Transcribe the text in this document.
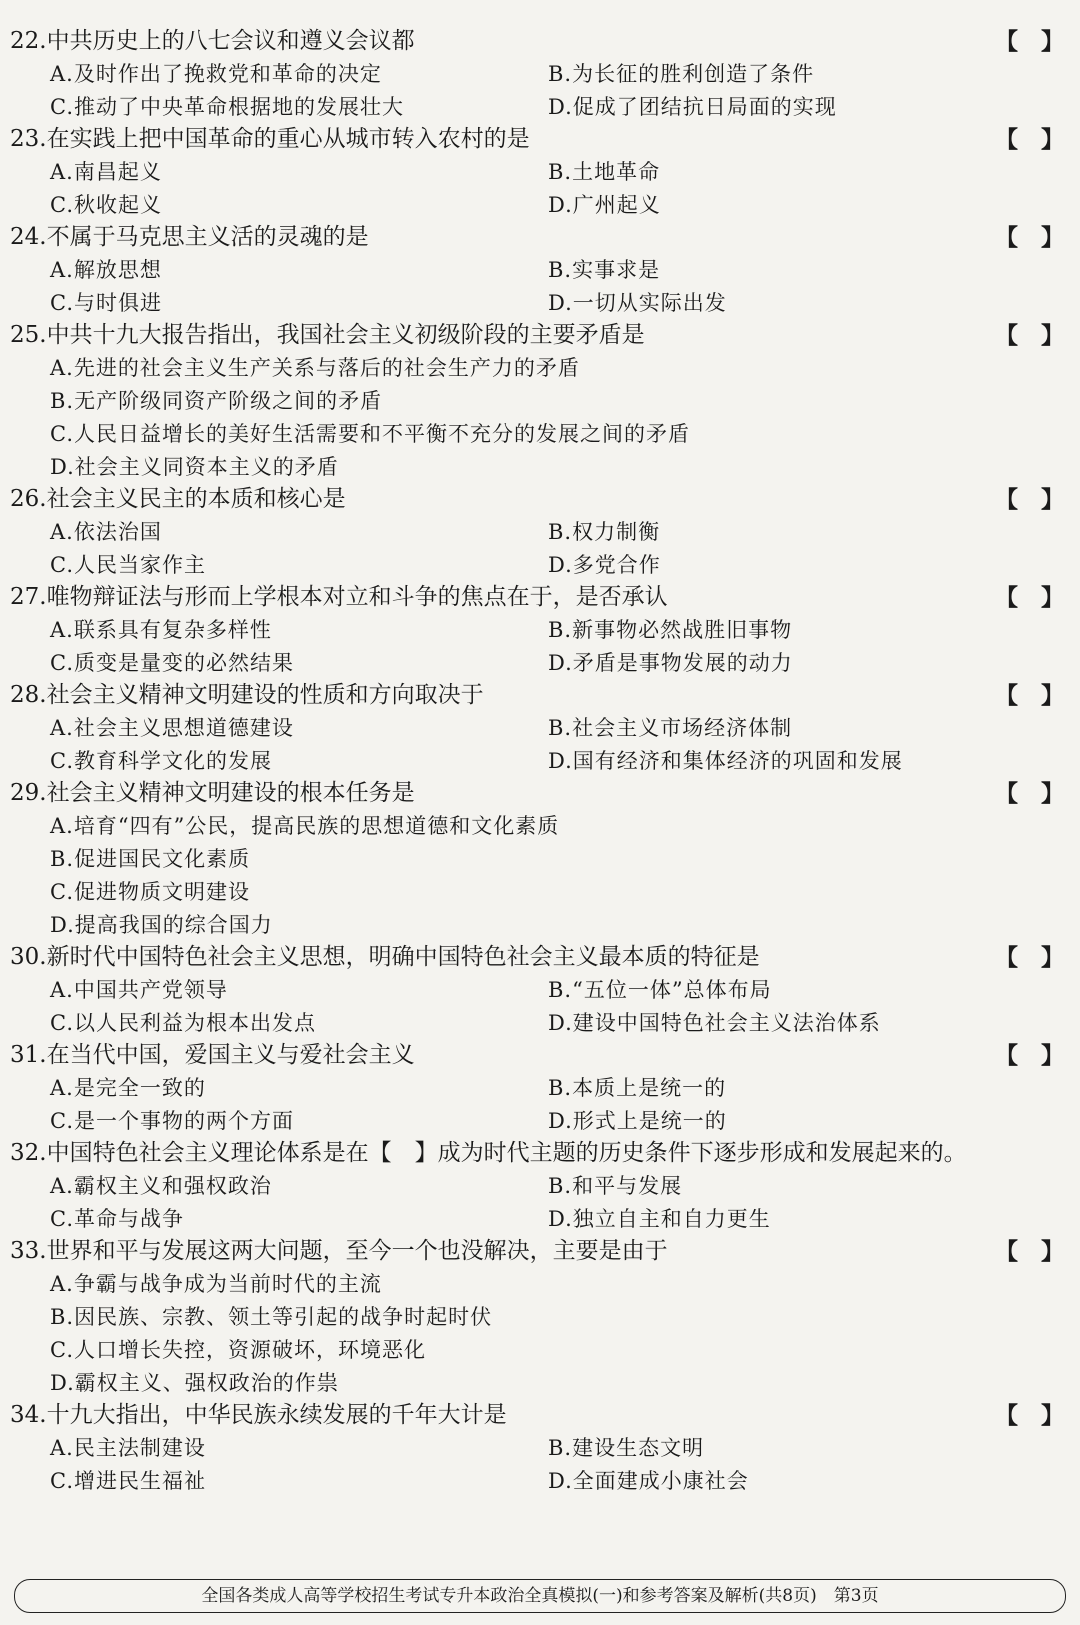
22.中共历史上的八七会议和遵义会议都	【　】
A.及时作出了挽救党和革命的决定	B.为长征的胜利创造了条件
C.推动了中央革命根据地的发展壮大	D.促成了团结抗日局面的实现
23.在实践上把中国革命的重心从城市转入农村的是	【　】
A.南昌起义	B.土地革命
C.秋收起义	D.广州起义
24.不属于马克思主义活的灵魂的是	【　】
A.解放思想	B.实事求是
C.与时俱进	D.一切从实际出发
25.中共十九大报告指出，我国社会主义初级阶段的主要矛盾是	【　】
A.先进的社会主义生产关系与落后的社会生产力的矛盾
B.无产阶级同资产阶级之间的矛盾
C.人民日益增长的美好生活需要和不平衡不充分的发展之间的矛盾
D.社会主义同资本主义的矛盾
26.社会主义民主的本质和核心是	【　】
A.依法治国	B.权力制衡
C.人民当家作主	D.多党合作
27.唯物辩证法与形而上学根本对立和斗争的焦点在于，是否承认	【　】
A.联系具有复杂多样性	B.新事物必然战胜旧事物
C.质变是量变的必然结果	D.矛盾是事物发展的动力
28.社会主义精神文明建设的性质和方向取决于	【　】
A.社会主义思想道德建设	B.社会主义市场经济体制
C.教育科学文化的发展	D.国有经济和集体经济的巩固和发展
29.社会主义精神文明建设的根本任务是	【　】
A.培育“四有”公民，提高民族的思想道德和文化素质
B.促进国民文化素质
C.促进物质文明建设
D.提高我国的综合国力
30.新时代中国特色社会主义思想，明确中国特色社会主义最本质的特征是	【　】
A.中国共产党领导	B.“五位一体”总体布局
C.以人民利益为根本出发点	D.建设中国特色社会主义法治体系
31.在当代中国，爱国主义与爱社会主义	【　】
A.是完全一致的	B.本质上是统一的
C.是一个事物的两个方面	D.形式上是统一的
32.中国特色社会主义理论体系是在【　】成为时代主题的历史条件下逐步形成和发展起来的。
A.霸权主义和强权政治	B.和平与发展
C.革命与战争	D.独立自主和自力更生
33.世界和平与发展这两大问题，至今一个也没解决，主要是由于	【　】
A.争霸与战争成为当前时代的主流
B.因民族、宗教、领土等引起的战争时起时伏
C.人口增长失控，资源破坏，环境恶化
D.霸权主义、强权政治的作祟
34.十九大指出，中华民族永续发展的千年大计是	【　】
A.民主法制建设	B.建设生态文明
C.增进民生福祉	D.全面建成小康社会
全国各类成人高等学校招生考试专升本政治全真模拟(一)和参考答案及解析(共8页)　第3页
